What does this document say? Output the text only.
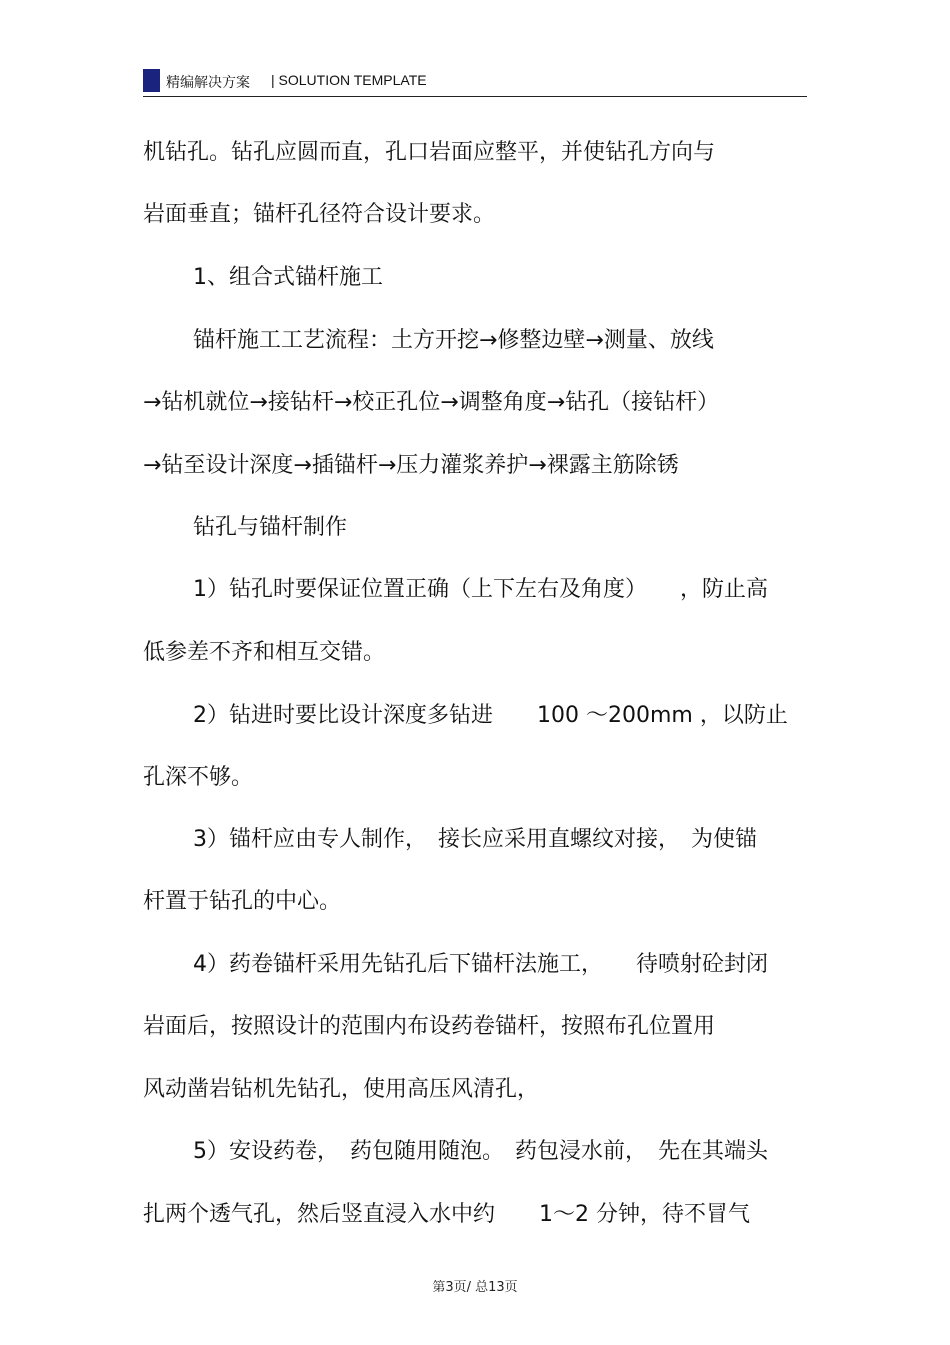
精编解决方案 | SOLUTION TEMPLATE
机钻孔。钻孔应圆而直，孔口岩面应整平，并使钻孔方向与
岩面垂直；锚杆孔径符合设计要求。
1、组合式锚杆施工
锚杆施工工艺流程：土方开挖→修整边壁→测量、放线
→钻机就位→接钻杆→校正孔位→调整角度→钻孔（接钻杆）
→钻至设计深度→插锚杆→压力灌浆养护→裸露主筋除锈
钻孔与锚杆制作
1）钻孔时要保证位置正确（上下左右及角度）　　，防止高
低参差不齐和相互交错。
2）钻进时要比设计深度多钻进　　100 ～200mm ，以防止
孔深不够。
3）锚杆应由专人制作，　接长应采用直螺纹对接，　为使锚
杆置于钻孔的中心。
4）药卷锚杆采用先钻孔后下锚杆法施工，　　待喷射砼封闭
岩面后，按照设计的范围内布设药卷锚杆，按照布孔位置用
风动凿岩钻机先钻孔，使用高压风清孔，
5）安设药卷，　药包随用随泡。　药包浸水前，　先在其端头
扎两个透气孔，然后竖直浸入水中约　　1～2 分钟，待不冒气
第3页/ 总13页
